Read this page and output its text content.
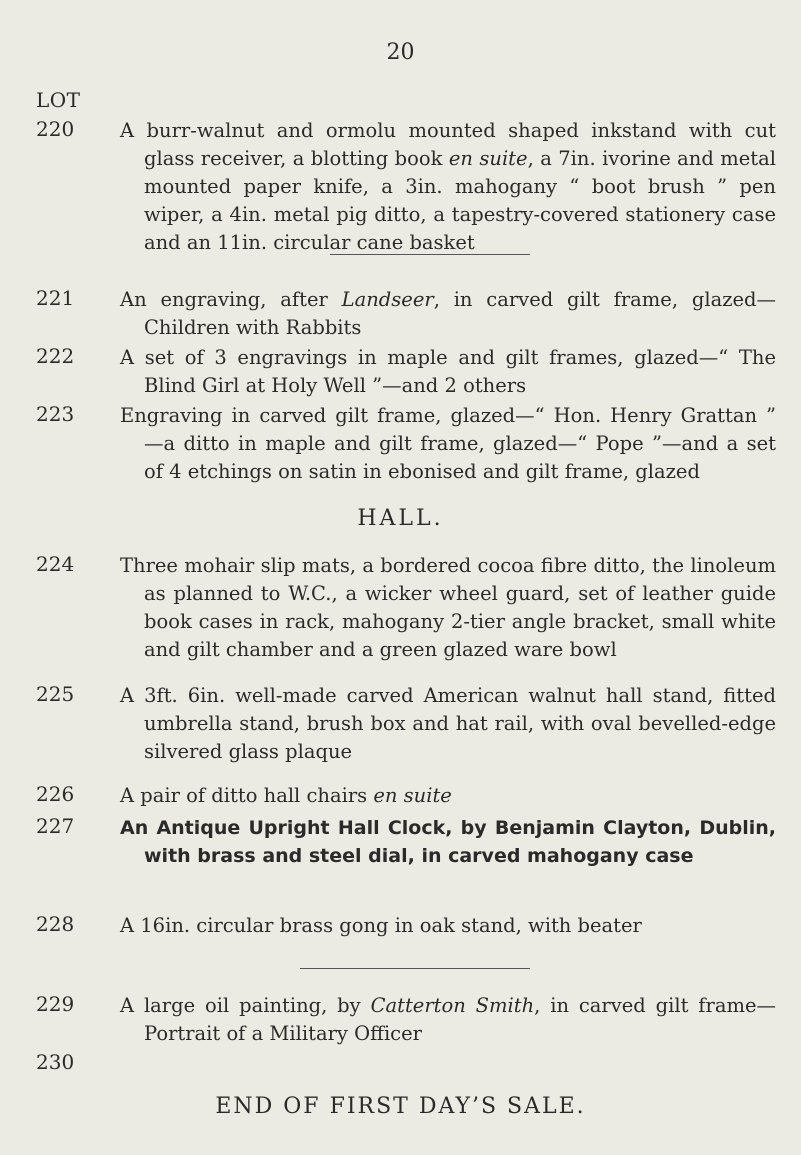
20
LOT
220	A burr-walnut and ormolu mounted shaped inkstand with cut glass receiver, a blotting book en suite, a 7in. ivorine and metal mounted paper knife, a 3in. mahogany “ boot brush ” pen wiper, a 4in. metal pig ditto, a tapestry-covered stationery case and an 11in. circular cane basket
221	An engraving, after Landseer, in carved gilt frame, glazed—Children with Rabbits
222	A set of 3 engravings in maple and gilt frames, glazed—“ The Blind Girl at Holy Well ”—and 2 others
223	Engraving in carved gilt frame, glazed—“ Hon. Henry Grattan ” —a ditto in maple and gilt frame, glazed—“ Pope ”—and a set of 4 etchings on satin in ebonised and gilt frame, glazed
HALL.
224	Three mohair slip mats, a bordered cocoa fibre ditto, the linoleum as planned to W.C., a wicker wheel guard, set of leather guide book cases in rack, mahogany 2-tier angle bracket, small white and gilt chamber and a green glazed ware bowl
225	A 3ft. 6in. well-made carved American walnut hall stand, fitted umbrella stand, brush box and hat rail, with oval bevelled-edge silvered glass plaque
226	A pair of ditto hall chairs en suite
227	An Antique Upright Hall Clock, by Benjamin Clayton, Dublin, with brass and steel dial, in carved mahogany case
228	A 16in. circular brass gong in oak stand, with beater
229	A large oil painting, by Catterton Smith, in carved gilt frame—Portrait of a Military Officer
230
END OF FIRST DAY’S SALE.
